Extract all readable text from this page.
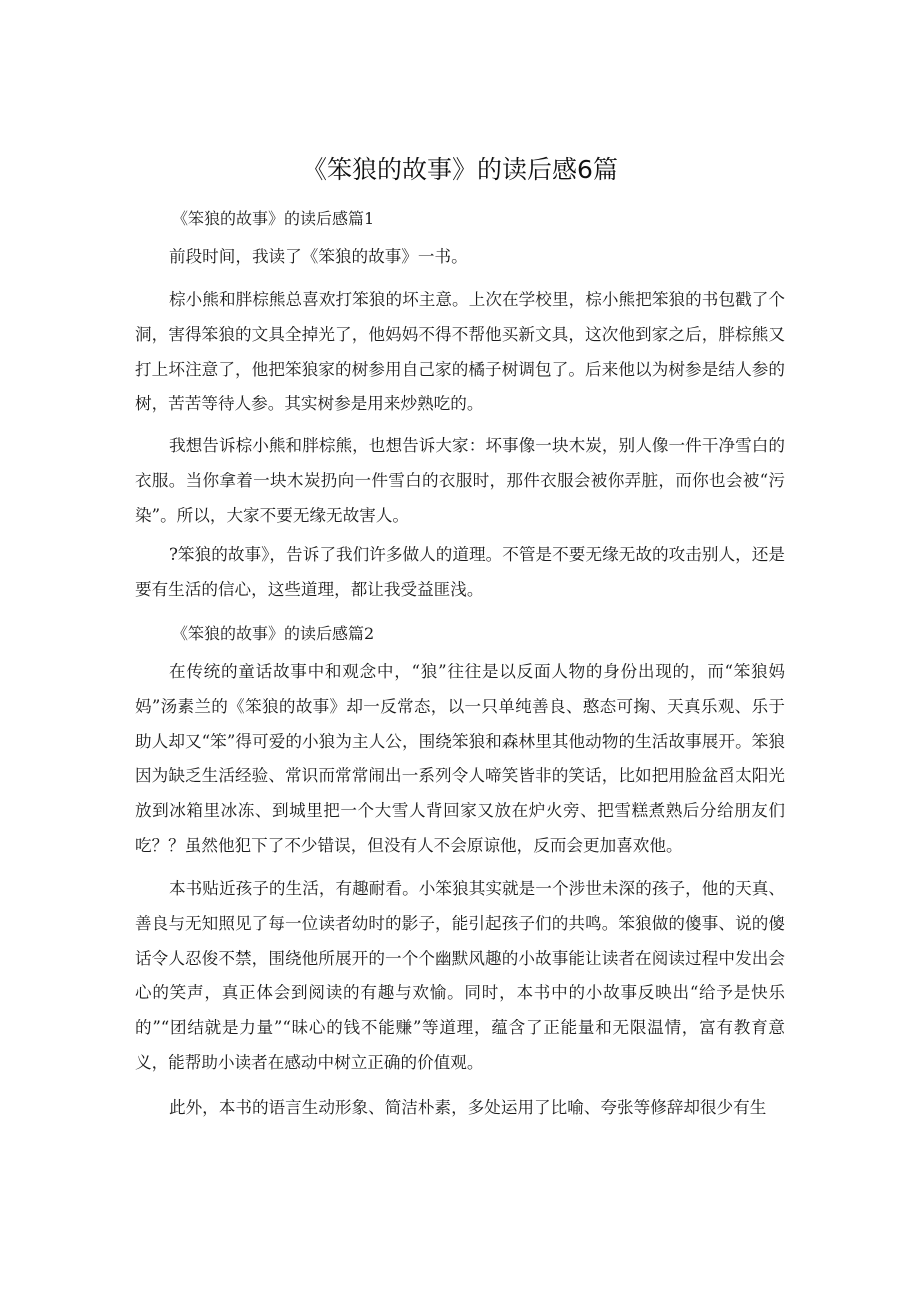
《笨狼的故事》的读后感6篇
《笨狼的故事》的读后感篇1
前段时间，我读了《笨狼的故事》一书。
棕小熊和胖棕熊总喜欢打笨狼的坏主意。上次在学校里，棕小熊把笨狼的书包戳了个洞，害得笨狼的文具全掉光了，他妈妈不得不帮他买新文具，这次他到家之后，胖棕熊又打上坏注意了，他把笨狼家的树参用自己家的橘子树调包了。后来他以为树参是结人参的树，苦苦等待人参。其实树参是用来炒熟吃的。
我想告诉棕小熊和胖棕熊，也想告诉大家：坏事像一块木炭，别人像一件干净雪白的衣服。当你拿着一块木炭扔向一件雪白的衣服时，那件衣服会被你弄脏，而你也会被“污染”。所以，大家不要无缘无故害人。
?笨狼的故事》，告诉了我们许多做人的道理。不管是不要无缘无故的攻击别人，还是要有生活的信心，这些道理，都让我受益匪浅。
《笨狼的故事》的读后感篇2
在传统的童话故事中和观念中，“狼”往往是以反面人物的身份出现的，而“笨狼妈妈”汤素兰的《笨狼的故事》却一反常态，以一只单纯善良、憨态可掬、天真乐观、乐于助人却又“笨”得可爱的小狼为主人公，围绕笨狼和森林里其他动物的生活故事展开。笨狼因为缺乏生活经验、常识而常常闹出一系列令人啼笑皆非的笑话，比如把用脸盆舀太阳光放到冰箱里冰冻、到城里把一个大雪人背回家又放在炉火旁、把雪糕煮熟后分给朋友们吃？？虽然他犯下了不少错误，但没有人不会原谅他，反而会更加喜欢他。
本书贴近孩子的生活，有趣耐看。小笨狼其实就是一个涉世未深的孩子，他的天真、善良与无知照见了每一位读者幼时的影子，能引起孩子们的共鸣。笨狼做的傻事、说的傻话令人忍俊不禁，围绕他所展开的一个个幽默风趣的小故事能让读者在阅读过程中发出会心的笑声，真正体会到阅读的有趣与欢愉。同时，本书中的小故事反映出“给予是快乐的”“团结就是力量”“昧心的钱不能赚”等道理，蕴含了正能量和无限温情，富有教育意义，能帮助小读者在感动中树立正确的价值观。
此外，本书的语言生动形象、简洁朴素，多处运用了比喻、夸张等修辞却很少有生
